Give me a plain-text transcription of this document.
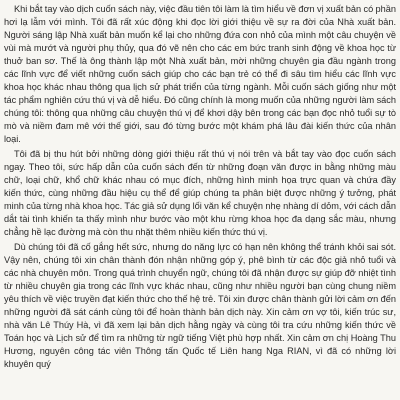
Khi bắt tay vào dịch cuốn sách này, việc đầu tiên tôi làm là tìm hiểu về đơn vị xuất bản có phần hơi lạ lẫm với mình. Tôi đã rất xúc động khi đọc lời giới thiệu về sự ra đời của Nhà xuất bản. Người sáng lập Nhà xuất bản muốn kể lại cho những đứa con nhỏ của mình một câu chuyện về vùi mà mướt và người phụ thủy, qua đó vẽ nên cho các em bức tranh sinh động về khoa học từ thuở ban sơ. Thế là ông thành lập một Nhà xuất bản, mời những chuyên gia đầu ngành trong các lĩnh vực để viết những cuốn sách giúp cho các bạn trẻ có thể đi sâu tìm hiểu các lĩnh vực khoa học khác nhau thông qua lịch sử phát triển của từng ngành. Mỗi cuốn sách giống như một tác phẩm nghiên cứu thú vị và dễ hiểu. Đó cũng chính là mong muốn của những người làm sách chúng tôi: thông qua những câu chuyện thú vị để khơi dậy bên trong các bạn đọc nhỏ tuổi sự tò mò và niềm đam mê với thế giới, sau đó từng bước một khám phá lâu đài kiến thức của nhân loại.

Tôi đã bị thu hút bởi những dòng giới thiệu rất thú vị nói trên và bắt tay vào đọc cuốn sách ngay. Theo tôi, sức hấp dẫn của cuốn sách đến từ những đoạn văn được in bằng những màu chữ, loại chữ, khổ chữ khác nhau có mục đích, những hình minh họa trực quan và chứa đầy kiến thức, cùng những đầu hiệu cụ thể để giúp chúng ta phân biệt được những ý tưởng, phát minh của từng nhà khoa học. Tác giả sử dụng lối văn kể chuyện nhẹ nhàng dí dỏm, với cách dẫn dắt tài tình khiến ta thấy mình như bước vào một khu rừng khoa học đa dạng sắc màu, nhưng chẳng hề lạc đường mà còn thu nhặt thêm nhiều kiến thức thú vị.

Dù chúng tôi đã cố gắng hết sức, nhưng do năng lực có hạn nên không thể tránh khỏi sai sót. Vậy nên, chúng tôi xin chân thành đón nhận những góp ý, phê bình từ các độc giả nhỏ tuổi và các nhà chuyên môn. Trong quá trình chuyển ngữ, chúng tôi đã nhận được sự giúp đỡ nhiệt tình từ nhiều chuyên gia trong các lĩnh vực khác nhau, cũng như nhiều người bạn cùng chung niềm yêu thích về việc truyền đạt kiến thức cho thế hệ trẻ. Tôi xin được chân thành gửi lời cảm ơn đến những người đã sát cánh cùng tôi để hoàn thành bản dịch này. Xin cảm ơn vợ tôi, kiến trúc sư, nhà văn Lê Thúy Hà, vì đã xem lại bản dịch hằng ngày và cùng tôi tra cứu những kiến thức về Toán học và Lịch sử để tìm ra những từ ngữ tiếng Việt phù hợp nhất. Xin cảm ơn chị Hoàng Thu Hương, nguyên công tác viên Thông tấn Quốc tế Liên hang Nga RIAN, vì đã có những lời khuyên quý
